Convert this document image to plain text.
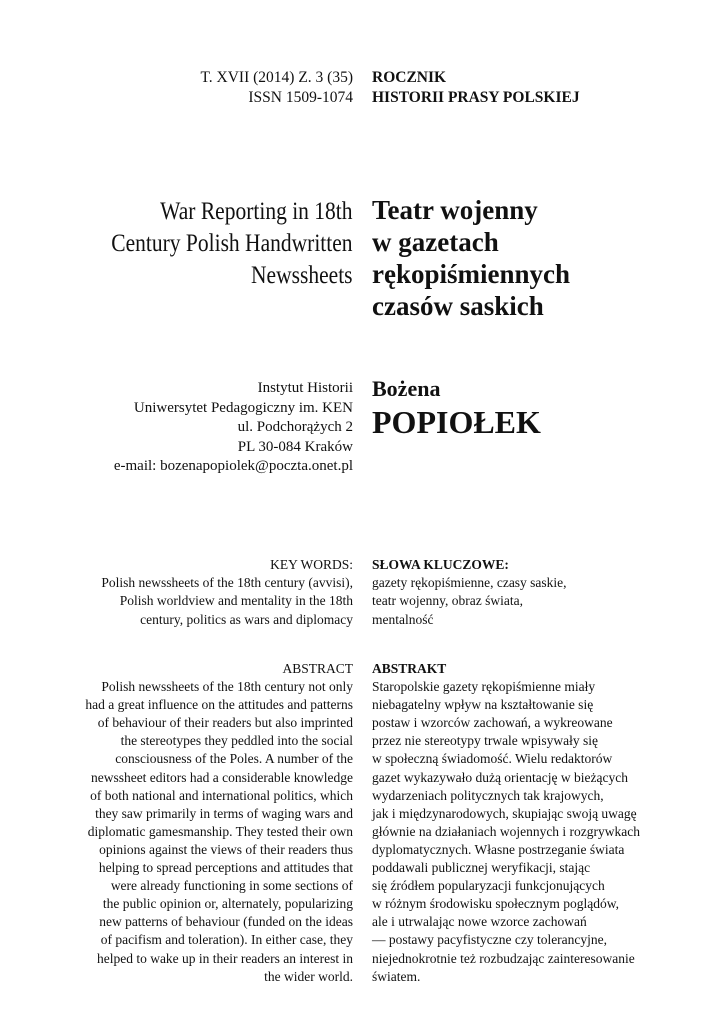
T. XVII (2014) Z. 3 (35)
ISSN 1509-1074
ROCZNIK
HISTORII PRASY POLSKIEJ
War Reporting in 18th
Century Polish Handwritten
Newssheets
Teatr wojenny
w gazetach
rękopiśmiennych
czasów saskich
Instytut Historii
Uniwersytet Pedagogiczny im. KEN
ul. Podchorążych 2
PL 30-084 Kraków
e-mail: bozenapopiolek@poczta.onet.pl
Bożena
POPIOŁEK
KEY WORDS:
Polish newssheets of the 18th century (avvisi),
Polish worldview and mentality in the 18th
century, politics as wars and diplomacy
SŁOWA KLUCZOWE:
gazety rękopiśmienne, czasy saskie,
teatr wojenny, obraz świata,
mentalność
ABSTRACT
Polish newssheets of the 18th century not only
had a great influence on the attitudes and patterns
of behaviour of their readers but also imprinted
the stereotypes they peddled into the social
consciousness of the Poles. A number of the
newssheet editors had a considerable knowledge
of both national and international politics, which
they saw primarily in terms of waging wars and
diplomatic gamesmanship. They tested their own
opinions against the views of their readers thus
helping to spread perceptions and attitudes that
were already functioning in some sections of
the public opinion or, alternately, popularizing
new patterns of behaviour (funded on the ideas
of pacifism and toleration). In either case, they
helped to wake up in their readers an interest in
the wider world.
ABSTRAKT
Staropolskie gazety rękopiśmienne miały
niebagatelny wpływ na kształtowanie się
postaw i wzorców zachowań, a wykreowane
przez nie stereotypy trwale wpisywały się
w społeczną świadomość. Wielu redaktorów
gazet wykazywało dużą orientację w bieżących
wydarzeniach politycznych tak krajowych,
jak i międzynarodowych, skupiając swoją uwagę
głównie na działaniach wojennych i rozgrywkach
dyplomatycznych. Własne postrzeganie świata
poddawali publicznej weryfikacji, stając
się źródłem popularyzacji funkcjonujących
w różnym środowisku społecznym poglądów,
ale i utrwalając nowe wzorce zachowań
— postawy pacyfistyczne czy tolerancyjne,
niejednokrotnie też rozbudzając zainteresowanie
światem.
